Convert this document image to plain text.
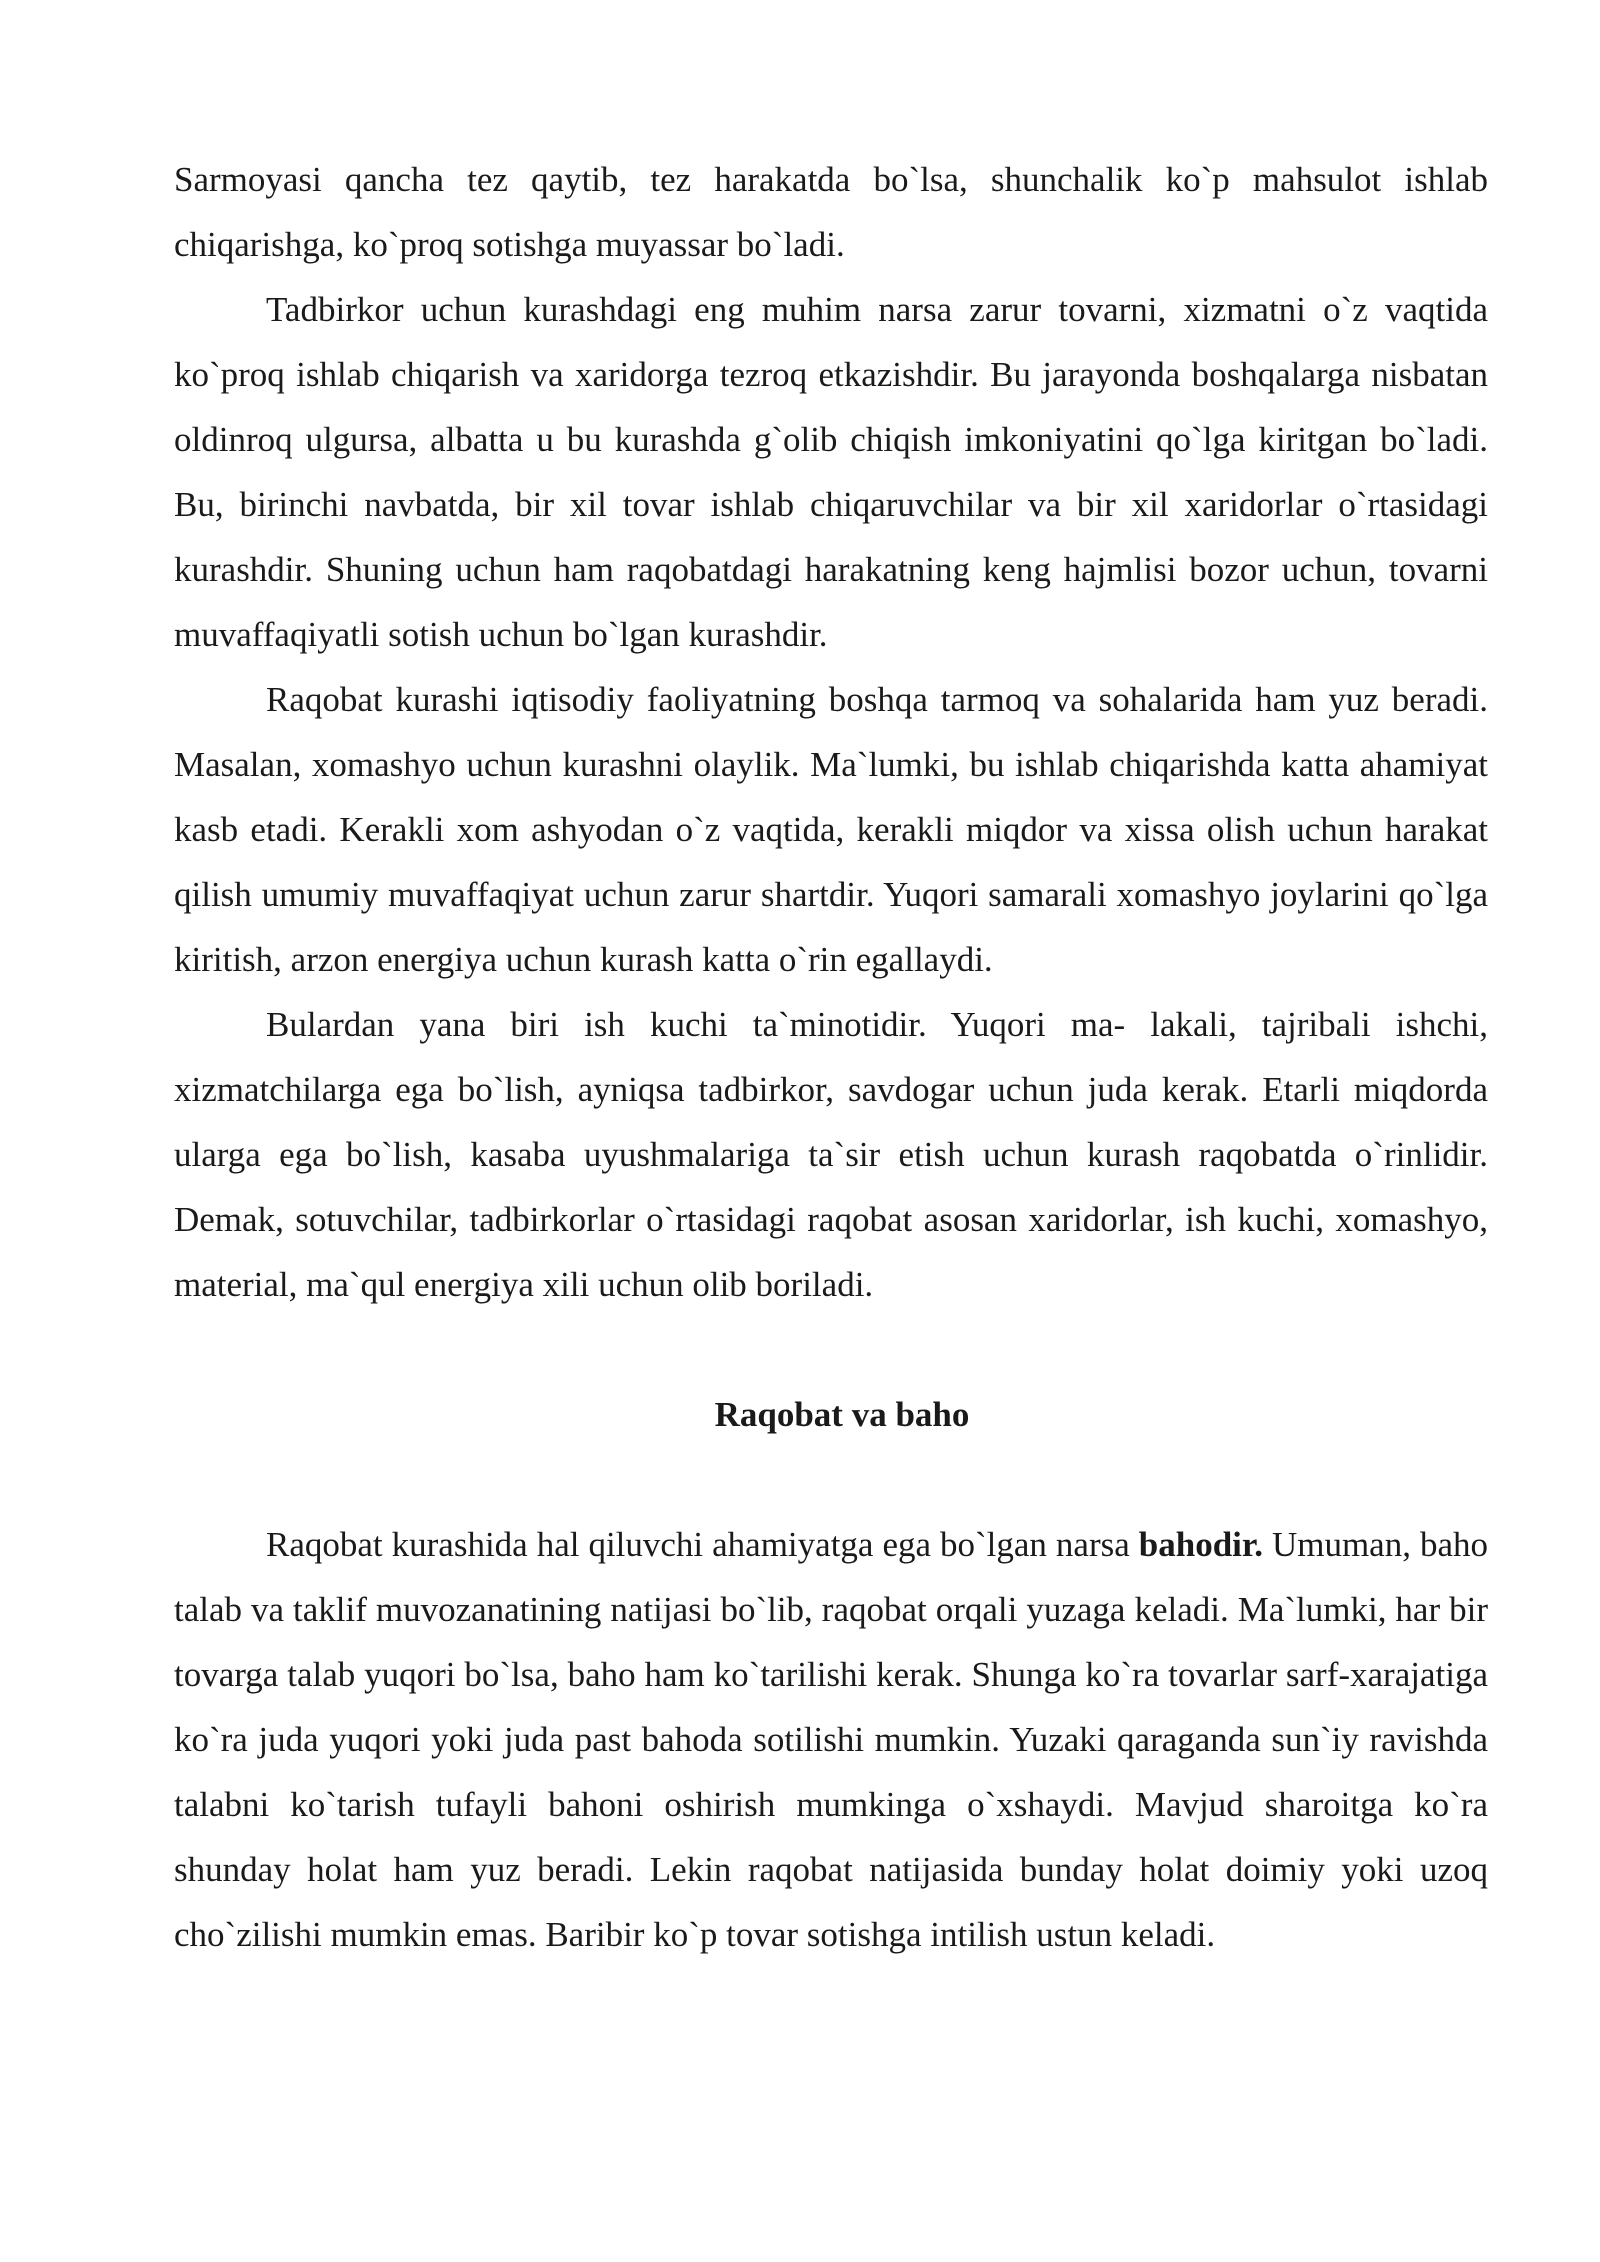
Sarmoyasi qancha tez qaytib, tez harakatda bo`lsa, shunchalik ko`p mahsulot ishlab chiqarishga, ko`proq sotishga muyassar bo`ladi.

Tadbirkor uchun kurashdagi eng muhim narsa zarur tovarni, xizmatni o`z vaqtida ko`proq ishlab chiqarish va xaridorga tezroq etkazishdir. Bu jarayonda boshqalarga nisbatan oldinroq ulgursa, albatta u bu kurashda g`olib chiqish imkoniyatini qo`lga kiritgan bo`ladi. Bu, birinchi navbatda, bir xil tovar ishlab chiqaruvchilar va bir xil xaridorlar o`rtasidagi kurashdir. Shuning uchun ham raqobatdagi harakatning keng hajmlisi bozor uchun, tovarni muvaffaqiyatli sotish uchun bo`lgan kurashdir.

Raqobat kurashi iqtisodiy faoliyatning boshqa tarmoq va sohalarida ham yuz beradi. Masalan, xomashyo uchun kurashni olaylik. Ma`lumki, bu ishlab chiqarishda katta ahamiyat kasb etadi. Kerakli xom ashyodan o`z vaqtida, kerakli miqdor va xissa olish uchun harakat qilish umumiy muvaffaqiyat uchun zarur shartdir. Yuqori samarali xomashyo joylarini qo`lga kiritish, arzon energiya uchun kurash katta o`rin egallaydi.

Bulardan yana biri ish kuchi ta`minotidir. Yuqori ma- lakali, tajribali ishchi, xizmatchilarga ega bo`lish, ayniqsa tadbirkor, savdogar uchun juda kerak. Etarli miqdorda ularga ega bo`lish, kasaba uyushmalariga ta`sir etish uchun kurash raqobatda o`rinlidir. Demak, sotuvchilar, tadbirkorlar o`rtasidagi raqobat asosan xaridorlar, ish kuchi, xomashyo, material, ma`qul energiya xili uchun olib boriladi.

Raqobat va baho

Raqobat kurashida hal qiluvchi ahamiyatga ega bo`lgan narsa bahodir. Umuman, baho talab va taklif muvozanatining natijasi bo`lib, raqobat orqali yuzaga keladi. Ma`lumki, har bir tovarga talab yuqori bo`lsa, baho ham ko`tarilishi kerak. Shunga ko`ra tovarlar sarf-xarajatiga ko`ra juda yuqori yoki juda past bahoda sotilishi mumkin. Yuzaki qaraganda sun`iy ravishda talabni ko`tarish tufayli bahoni oshirish mumkinga o`xshaydi. Mavjud sharoitga ko`ra shunday holat ham yuz beradi. Lekin raqobat natijasida bunday holat doimiy yoki uzoq cho`zilishi mumkin emas. Baribir ko`p tovar sotishga intilish ustun keladi.
